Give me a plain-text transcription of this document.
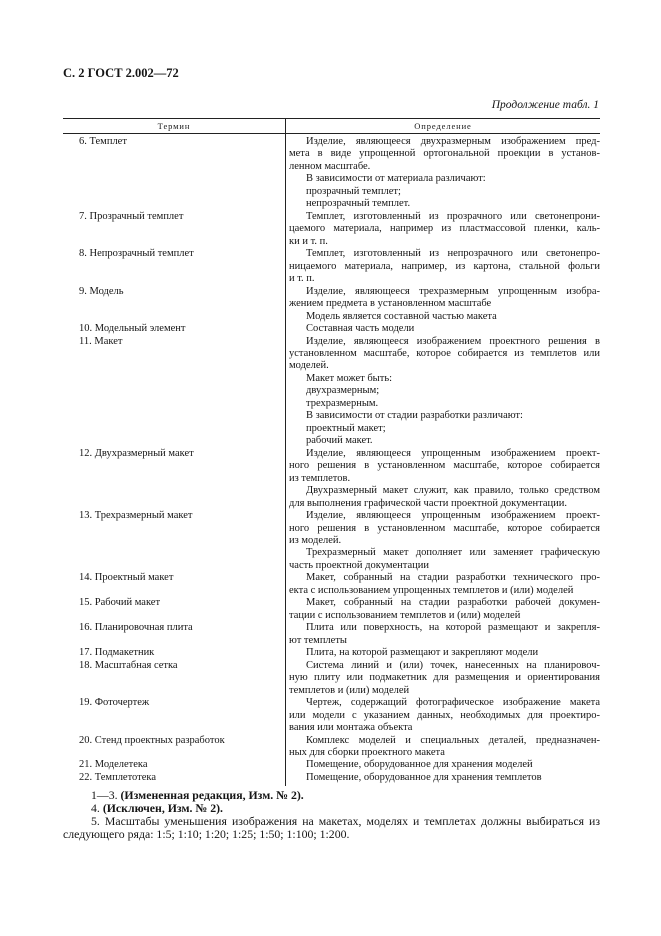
С. 2 ГОСТ 2.002—72
Продолжение табл. 1
Термин	Определение
6. Темплет	Изделие, являющееся двухразмерным изображением пред-
мета в виде упрощенной ортогональной проекции в установ-
ленном масштабе.
В зависимости от материала различают:
прозрачный темплет;
непрозрачный темплет.
7. Прозрачный темплет	Темплет, изготовленный из прозрачного или светонепрони-
цаемого материала, например из пластмассовой пленки, каль-
ки и т. п.
8. Непрозрачный темплет	Темплет, изготовленный из непрозрачного или светонепро-
ницаемого материала, например, из картона, стальной фольги
и т. п.
9. Модель	Изделие, являющееся трехразмерным упрощенным изобра-
жением предмета в установленном масштабе
Модель является составной частью макета
10. Модельный элемент	Составная часть модели
11. Макет	Изделие, являющееся изображением проектного решения в
установленном масштабе, которое собирается из темплетов или
моделей.
Макет может быть:
двухразмерным;
трехразмерным.
В зависимости от стадии разработки различают:
проектный макет;
рабочий макет.
12. Двухразмерный макет	Изделие, являющееся упрощенным изображением проект-
ного решения в установленном масштабе, которое собирается
из темплетов.
Двухразмерный макет служит, как правило, только средством
для выполнения графической части проектной документации.
13. Трехразмерный макет	Изделие, являющееся упрощенным изображением проект-
ного решения в установленном масштабе, которое собирается
из моделей.
Трехразмерный макет дополняет или заменяет графическую
часть проектной документации
14. Проектный макет	Макет, собранный на стадии разработки технического про-
екта с использованием упрощенных темплетов и (или) моделей
15. Рабочий макет	Макет, собранный на стадии разработки рабочей докумен-
тации с использованием темплетов и (или) моделей
16. Планировочная плита	Плита или поверхность, на которой размещают и закрепля-
ют темплеты
17. Подмакетник	Плита, на которой размещают и закрепляют модели
18. Масштабная сетка	Система линий и (или) точек, нанесенных на планировоч-
ную плиту или подмакетник для размещения и ориентирования
темплетов и (или) моделей
19. Фоточертеж	Чертеж, содержащий фотографическое изображение макета
или модели с указанием данных, необходимых для проектиро-
вания или монтажа объекта
20. Стенд проектных разработок	Комплекс моделей и специальных деталей, предназначен-
ных для сборки проектного макета
21. Моделетека	Помещение, оборудованное для хранения моделей
22. Темплетотека	Помещение, оборудованное для хранения темплетов
1—3. (Измененная редакция, Изм. № 2).
4. (Исключен, Изм. № 2).
5. Масштабы уменьшения изображения на макетах, моделях и темплетах должны выбираться из
следующего ряда: 1:5; 1:10; 1:20; 1:25; 1:50; 1:100; 1:200.
